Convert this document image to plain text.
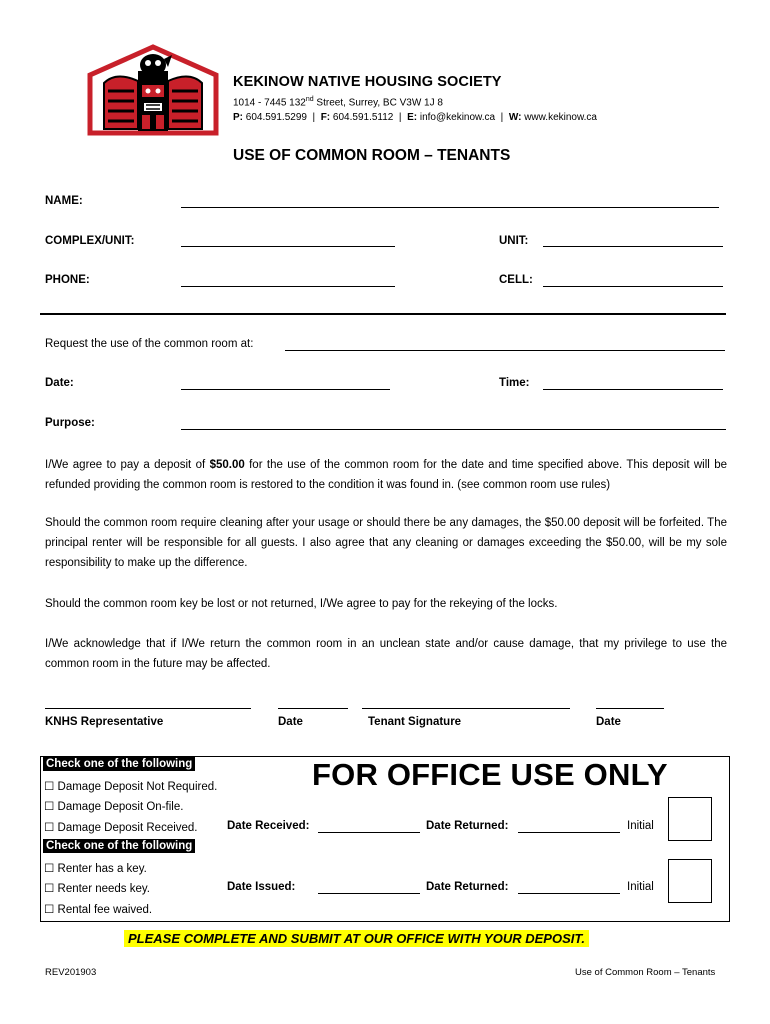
KEKINOW NATIVE HOUSING SOCIETY
1014 - 7445 132nd Street, Surrey, BC V3W 1J 8
P: 604.591.5299 | F: 604.591.5112 | E: info@kekinow.ca | W: www.kekinow.ca
USE OF COMMON ROOM – TENANTS
NAME:
COMPLEX/UNIT:	UNIT:
PHONE:	CELL:
Request the use of the common room at:
Date:	Time:
Purpose:
I/We agree to pay a deposit of $50.00 for the use of the common room for the date and time specified above. This deposit will be refunded providing the common room is restored to the condition it was found in. (see common room use rules)
Should the common room require cleaning after your usage or should there be any damages, the $50.00 deposit will be forfeited. The principal renter will be responsible for all guests. I also agree that any cleaning or damages exceeding the $50.00, will be my sole responsibility to make up the difference.
Should the common room key be lost or not returned, I/We agree to pay for the rekeying of the locks.
I/We acknowledge that if I/We return the common room in an unclean state and/or cause damage, that my privilege to use the common room in the future may be affected.
KNHS Representative	Date	Tenant Signature	Date
Check one of the following
☐ Damage Deposit Not Required.
☐ Damage Deposit On-file.
☐ Damage Deposit Received.
Check one of the following
☐ Renter has a key.
☐ Renter needs key.
☐ Rental fee waived.
FOR OFFICE USE ONLY
Date Received:	Date Returned:	Initial
Date Issued:	Date Returned:	Initial
PLEASE COMPLETE AND SUBMIT AT OUR OFFICE WITH YOUR DEPOSIT.
REV201903	Use of Common Room – Tenants
